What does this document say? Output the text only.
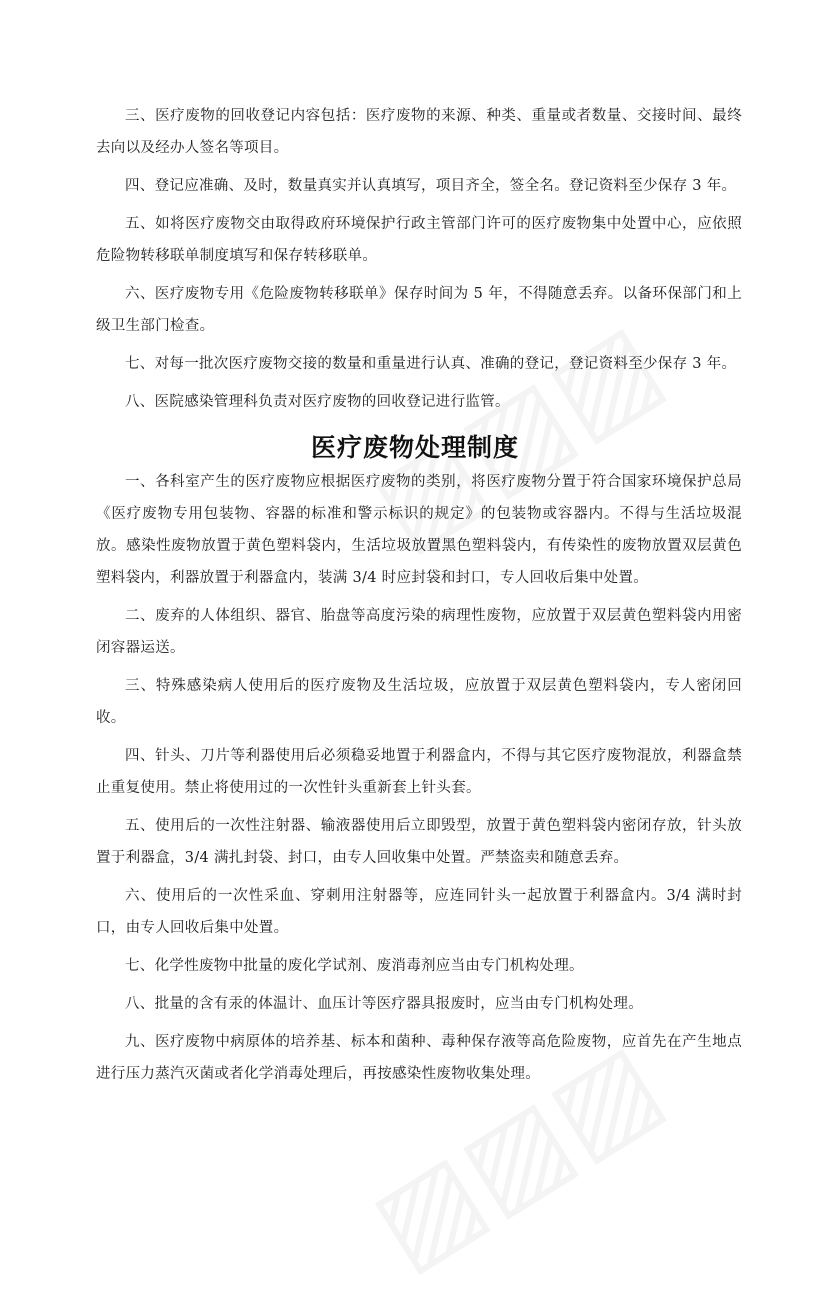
三、医疗废物的回收登记内容包括：医疗废物的来源、种类、重量或者数量、交接时间、最终去向以及经办人签名等项目。

四、登记应准确、及时，数量真实并认真填写，项目齐全，签全名。登记资料至少保存 3 年。

五、如将医疗废物交由取得政府环境保护行政主管部门许可的医疗废物集中处置中心，应依照危险物转移联单制度填写和保存转移联单。

六、医疗废物专用《危险废物转移联单》保存时间为 5 年，不得随意丢弃。以备环保部门和上级卫生部门检查。

七、对每一批次医疗废物交接的数量和重量进行认真、准确的登记，登记资料至少保存 3 年。

八、医院感染管理科负责对医疗废物的回收登记进行监管。

医疗废物处理制度

一、各科室产生的医疗废物应根据医疗废物的类别，将医疗废物分置于符合国家环境保护总局《医疗废物专用包装物、容器的标准和警示标识的规定》的包装物或容器内。不得与生活垃圾混放。感染性废物放置于黄色塑料袋内，生活垃圾放置黑色塑料袋内，有传染性的废物放置双层黄色塑料袋内，利器放置于利器盒内，装满 3/4 时应封袋和封口，专人回收后集中处置。

二、废弃的人体组织、器官、胎盘等高度污染的病理性废物，应放置于双层黄色塑料袋内用密闭容器运送。

三、特殊感染病人使用后的医疗废物及生活垃圾，应放置于双层黄色塑料袋内，专人密闭回收。

四、针头、刀片等利器使用后必须稳妥地置于利器盒内，不得与其它医疗废物混放，利器盒禁止重复使用。禁止将使用过的一次性针头重新套上针头套。

五、使用后的一次性注射器、输液器使用后立即毁型，放置于黄色塑料袋内密闭存放，针头放置于利器盒，3/4 满扎封袋、封口，由专人回收集中处置。严禁盗卖和随意丢弃。

六、使用后的一次性采血、穿刺用注射器等，应连同针头一起放置于利器盒内。3/4 满时封口，由专人回收后集中处置。

七、化学性废物中批量的废化学试剂、废消毒剂应当由专门机构处理。

八、批量的含有汞的体温计、血压计等医疗器具报废时，应当由专门机构处理。

九、医疗废物中病原体的培养基、标本和菌种、毒种保存液等高危险废物，应首先在产生地点进行压力蒸汽灭菌或者化学消毒处理后，再按感染性废物收集处理。
